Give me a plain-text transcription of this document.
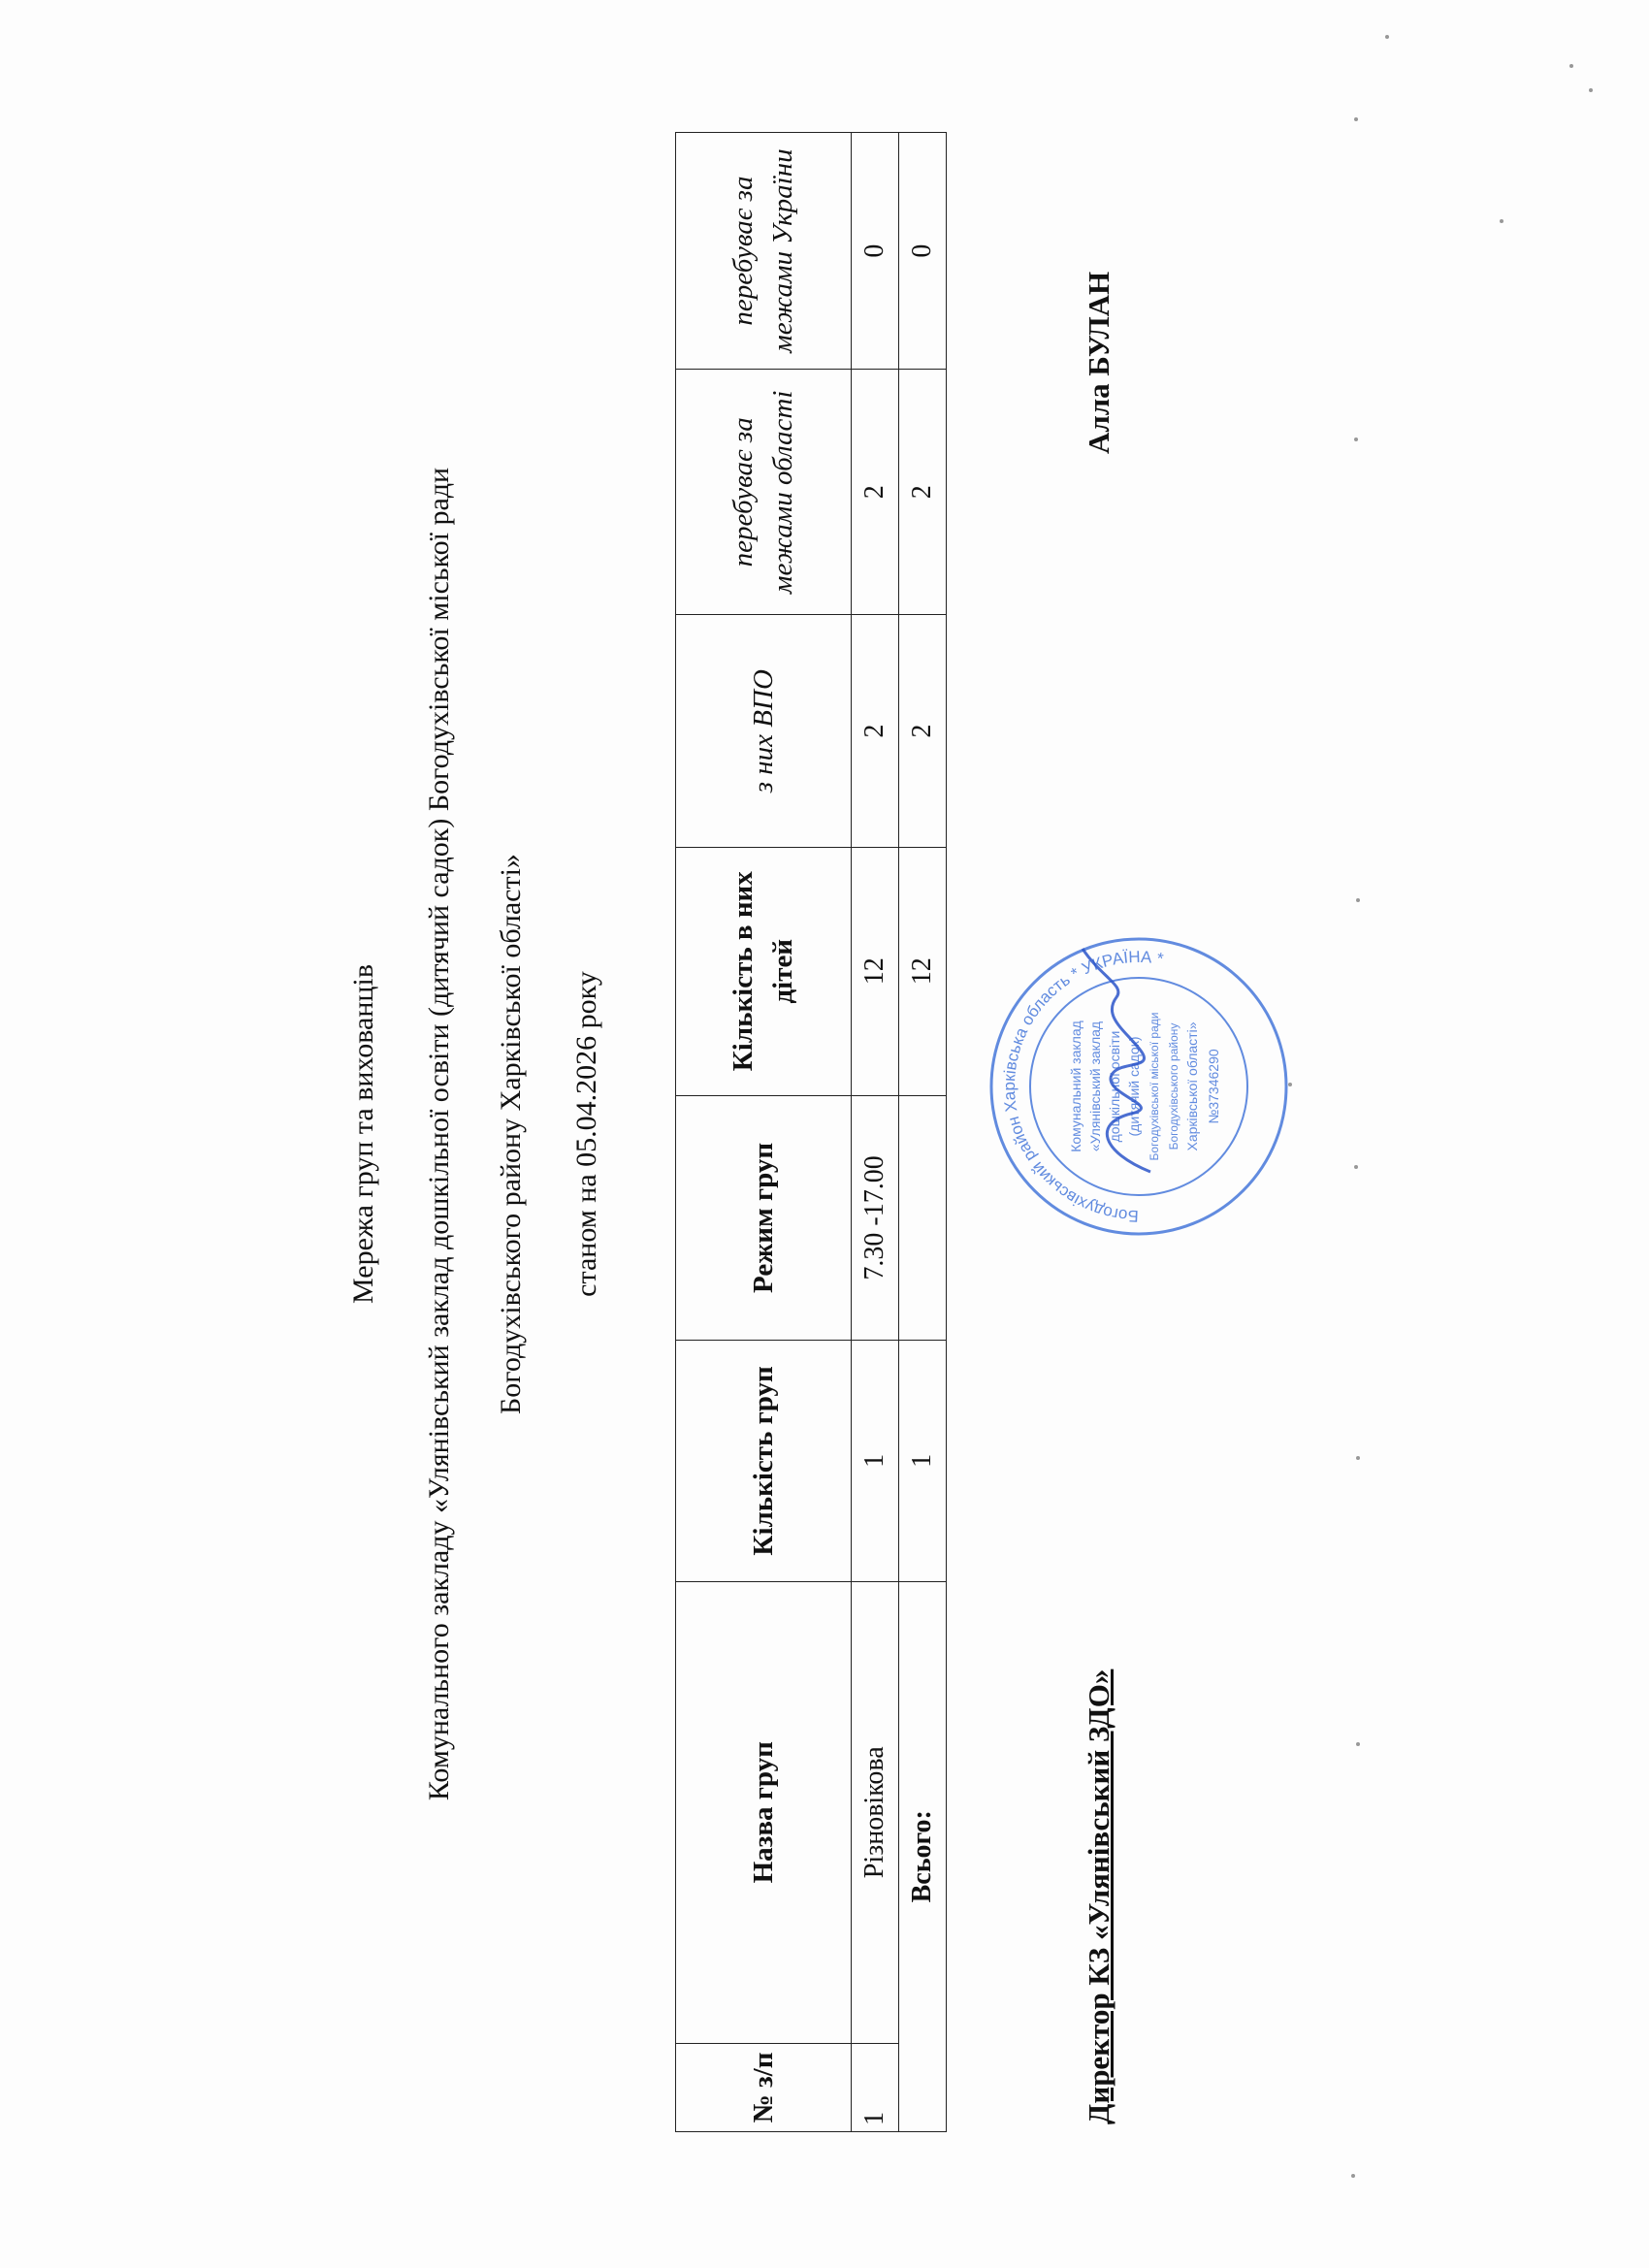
Мережа груп та вихованців Комунального закладу «Улянівський заклад дошкільної освіти (дитячий садок) Богодухівської міської ради Богодухівського району Харківської області» станом на 05.04.2026 року
№ з/п	Назва груп	Кількість груп	Режим груп	Кількість в них дітей	з них ВПО	перебуває за межами області	перебуває за межами України
1	Різновікова	1	7.30 -17.00	12	2	2	0
Всього:		1		12	2	2	0
Директор КЗ «Улянівський ЗДО»
Алла БУЛАН
Богодухівський район Харківська область * УКРАЇНА *
Комунальний заклад «Улянівський заклад дошкільної освіти (дитячий садок) Богодухівської міської ради Богодухівського району Харківської області» №37346290
